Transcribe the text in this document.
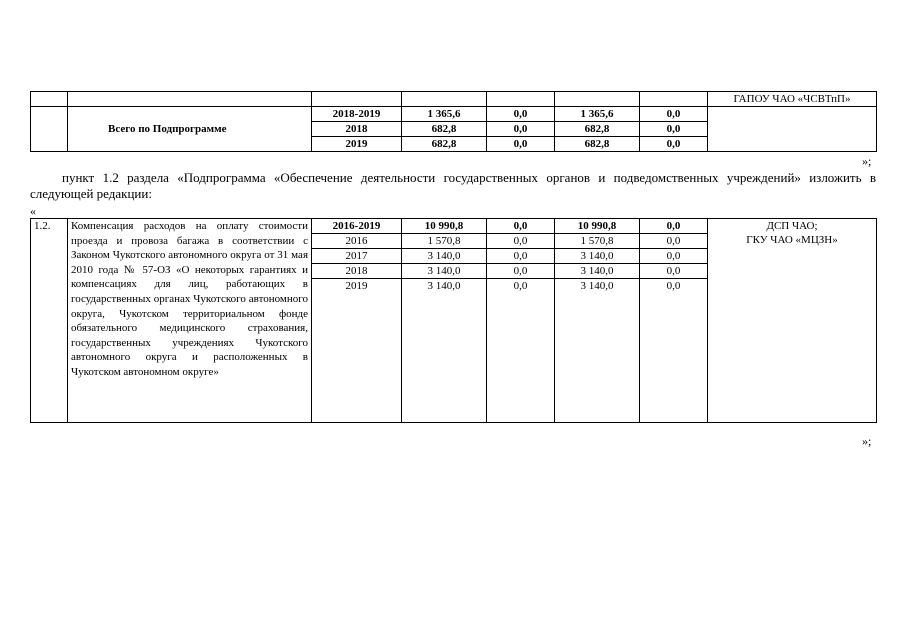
							ГАПОУ ЧАО «ЧСВТпП»
	Всего по Подпрограмме	2018-2019	1 365,6	0,0	1 365,6	0,0	
		2018	682,8	0,0	682,8	0,0	
		2019	682,8	0,0	682,8	0,0	
»;

пункт 1.2 раздела «Подпрограмма «Обеспечение деятельности государственных органов и подведомственных учреждений» изложить в следующей редакции:

«
1.2.	Компенсация расходов на оплату стоимости проезда и провоза багажа в соответствии с Законом Чукотского автономного округа от 31 мая 2010 года № 57-ОЗ «О некоторых гарантиях и компенсациях для лиц, работающих в государственных органах Чукотского автономного округа, Чукотском территориальном фонде обязательного медицинского страхования, государственных учреждениях Чукотского автономного округа и расположенных в Чукотском автономном округе»	2016-2019	10 990,8	0,0	10 990,8	0,0	ДСП ЧАО;
ГКУ ЧАО «МЦЗН»

		2016	1 570,8	0,0	1 570,8	0,0	
		2017	3 140,0	0,0	3 140,0	0,0	
		2018	3 140,0	0,0	3 140,0	0,0	
		2019	3 140,0	0,0	3 140,0	0,0	
»;
